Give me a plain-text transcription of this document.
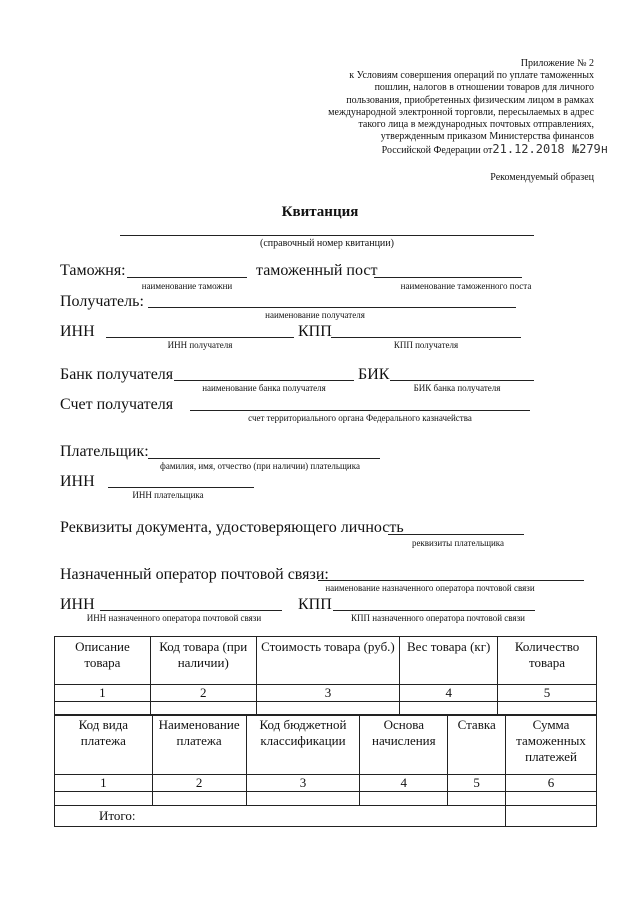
Приложение № 2
к Условиям совершения операций по уплате таможенных
пошлин, налогов в отношении товаров для личного
пользования, приобретенных физическим лицом в рамках
международной электронной торговли, пересылаемых в адрес
такого лица в международных почтовых отправлениях,
утвержденным приказом Министерства финансов
Российской Федерации от21.12.2018 №279н
Рекомендуемый образец
Квитанция
(справочный номер квитанции)
Таможня:
наименование таможни
таможенный пост
наименование таможенного поста
Получатель:
наименование получателя
ИНН
ИНН получателя
КПП
КПП получателя
Банк получателя
наименование банка получателя
БИК
БИК банка получателя
Счет получателя
счет территориального органа Федерального казначейства
Плательщик:
фамилия, имя, отчество (при наличии) плательщика
ИНН
ИНН плательщика
Реквизиты документа, удостоверяющего личность
реквизиты плательщика
Назначенный оператор почтовой связи:
наименование назначенного оператора почтовой связи
ИНН
ИНН назначенного оператора почтовой связи
КПП
КПП назначенного оператора почтовой связи
Описание товара	Код товара (при наличии)	Стоимость товара (руб.)	Вес товара (кг)	Количество товара
1	2	3	4	5

Код вида платежа	Наименование платежа	Код бюджетной классификации	Основа начисления	Ставка	Сумма таможенных платежей
1	2	3	4	5	6

Итого:					
